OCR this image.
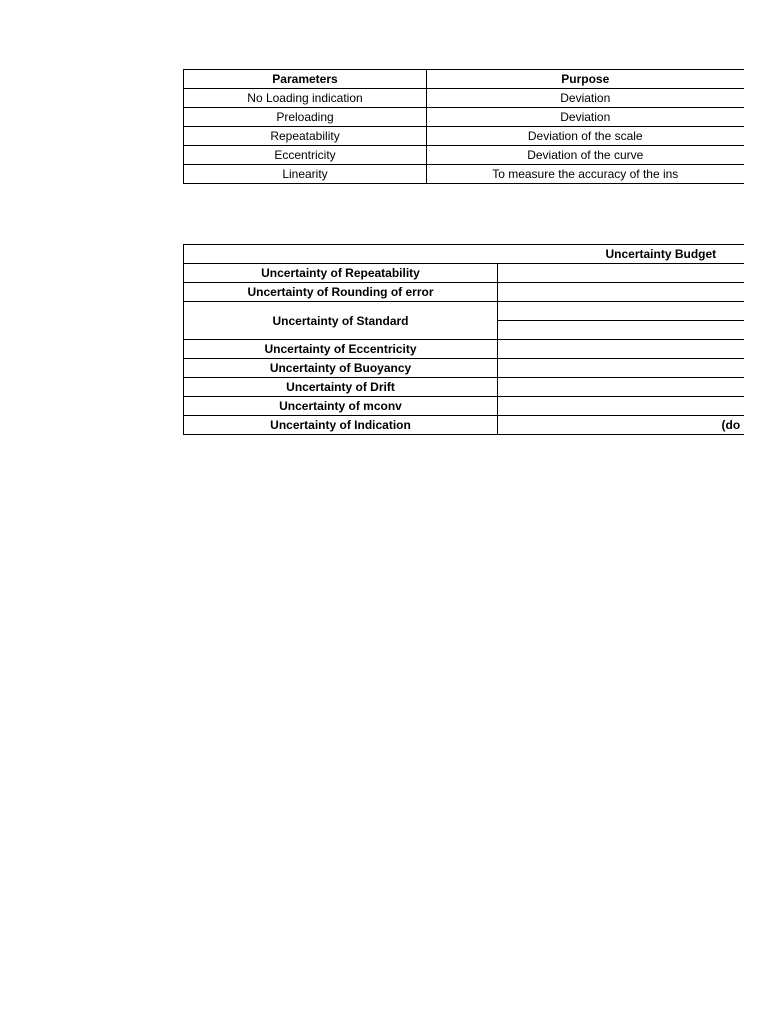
Parameters	Purpose
No Loading indication	Deviation
Preloading	Deviation
Repeatability	Deviation of the scale
Eccentricity	Deviation of the curve
Linearity	To measure the accuracy of the ins
Uncertainty Budget	
Uncertainty of Repeatability	
Uncertainty of Rounding of error	
Uncertainty of Standard	

Uncertainty of Eccentricity	
Uncertainty of Buoyancy	
Uncertainty of Drift	
Uncertainty of mconv	
Uncertainty of Indication	(do
